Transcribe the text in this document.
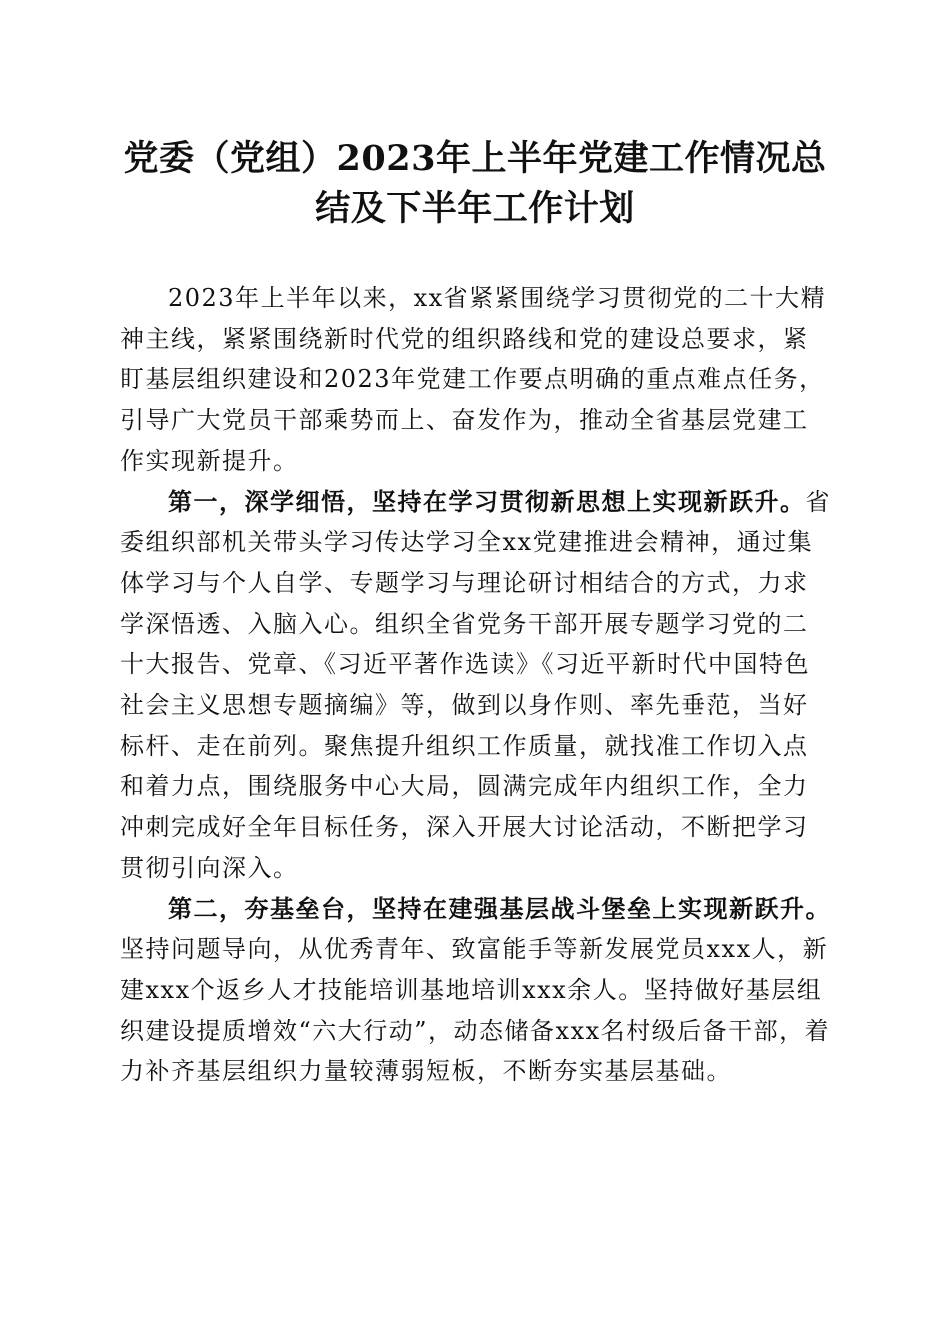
党委（党组）2023年上半年党建工作情况总
结及下半年工作计划

2023年上半年以来，xx省紧紧围绕学习贯彻党的二十大精神主线，紧紧围绕新时代党的组织路线和党的建设总要求，紧盯基层组织建设和2023年党建工作要点明确的重点难点任务，引导广大党员干部乘势而上、奋发作为，推动全省基层党建工作实现新提升。

第一，深学细悟，坚持在学习贯彻新思想上实现新跃升。省委组织部机关带头学习传达学习全xx党建推进会精神，通过集体学习与个人自学、专题学习与理论研讨相结合的方式，力求学深悟透、入脑入心。组织全省党务干部开展专题学习党的二十大报告、党章、《习近平著作选读》《习近平新时代中国特色社会主义思想专题摘编》等，做到以身作则、率先垂范，当好标杆、走在前列。聚焦提升组织工作质量，就找准工作切入点和着力点，围绕服务中心大局，圆满完成年内组织工作，全力冲刺完成好全年目标任务，深入开展大讨论活动，不断把学习贯彻引向深入。

第二，夯基垒台，坚持在建强基层战斗堡垒上实现新跃升。坚持问题导向，从优秀青年、致富能手等新发展党员xxx人，新建xxx个返乡人才技能培训基地培训xxx余人。坚持做好基层组织建设提质增效“六大行动”，动态储备xxx名村级后备干部，着力补齐基层组织力量较薄弱短板，不断夯实基层基础。
